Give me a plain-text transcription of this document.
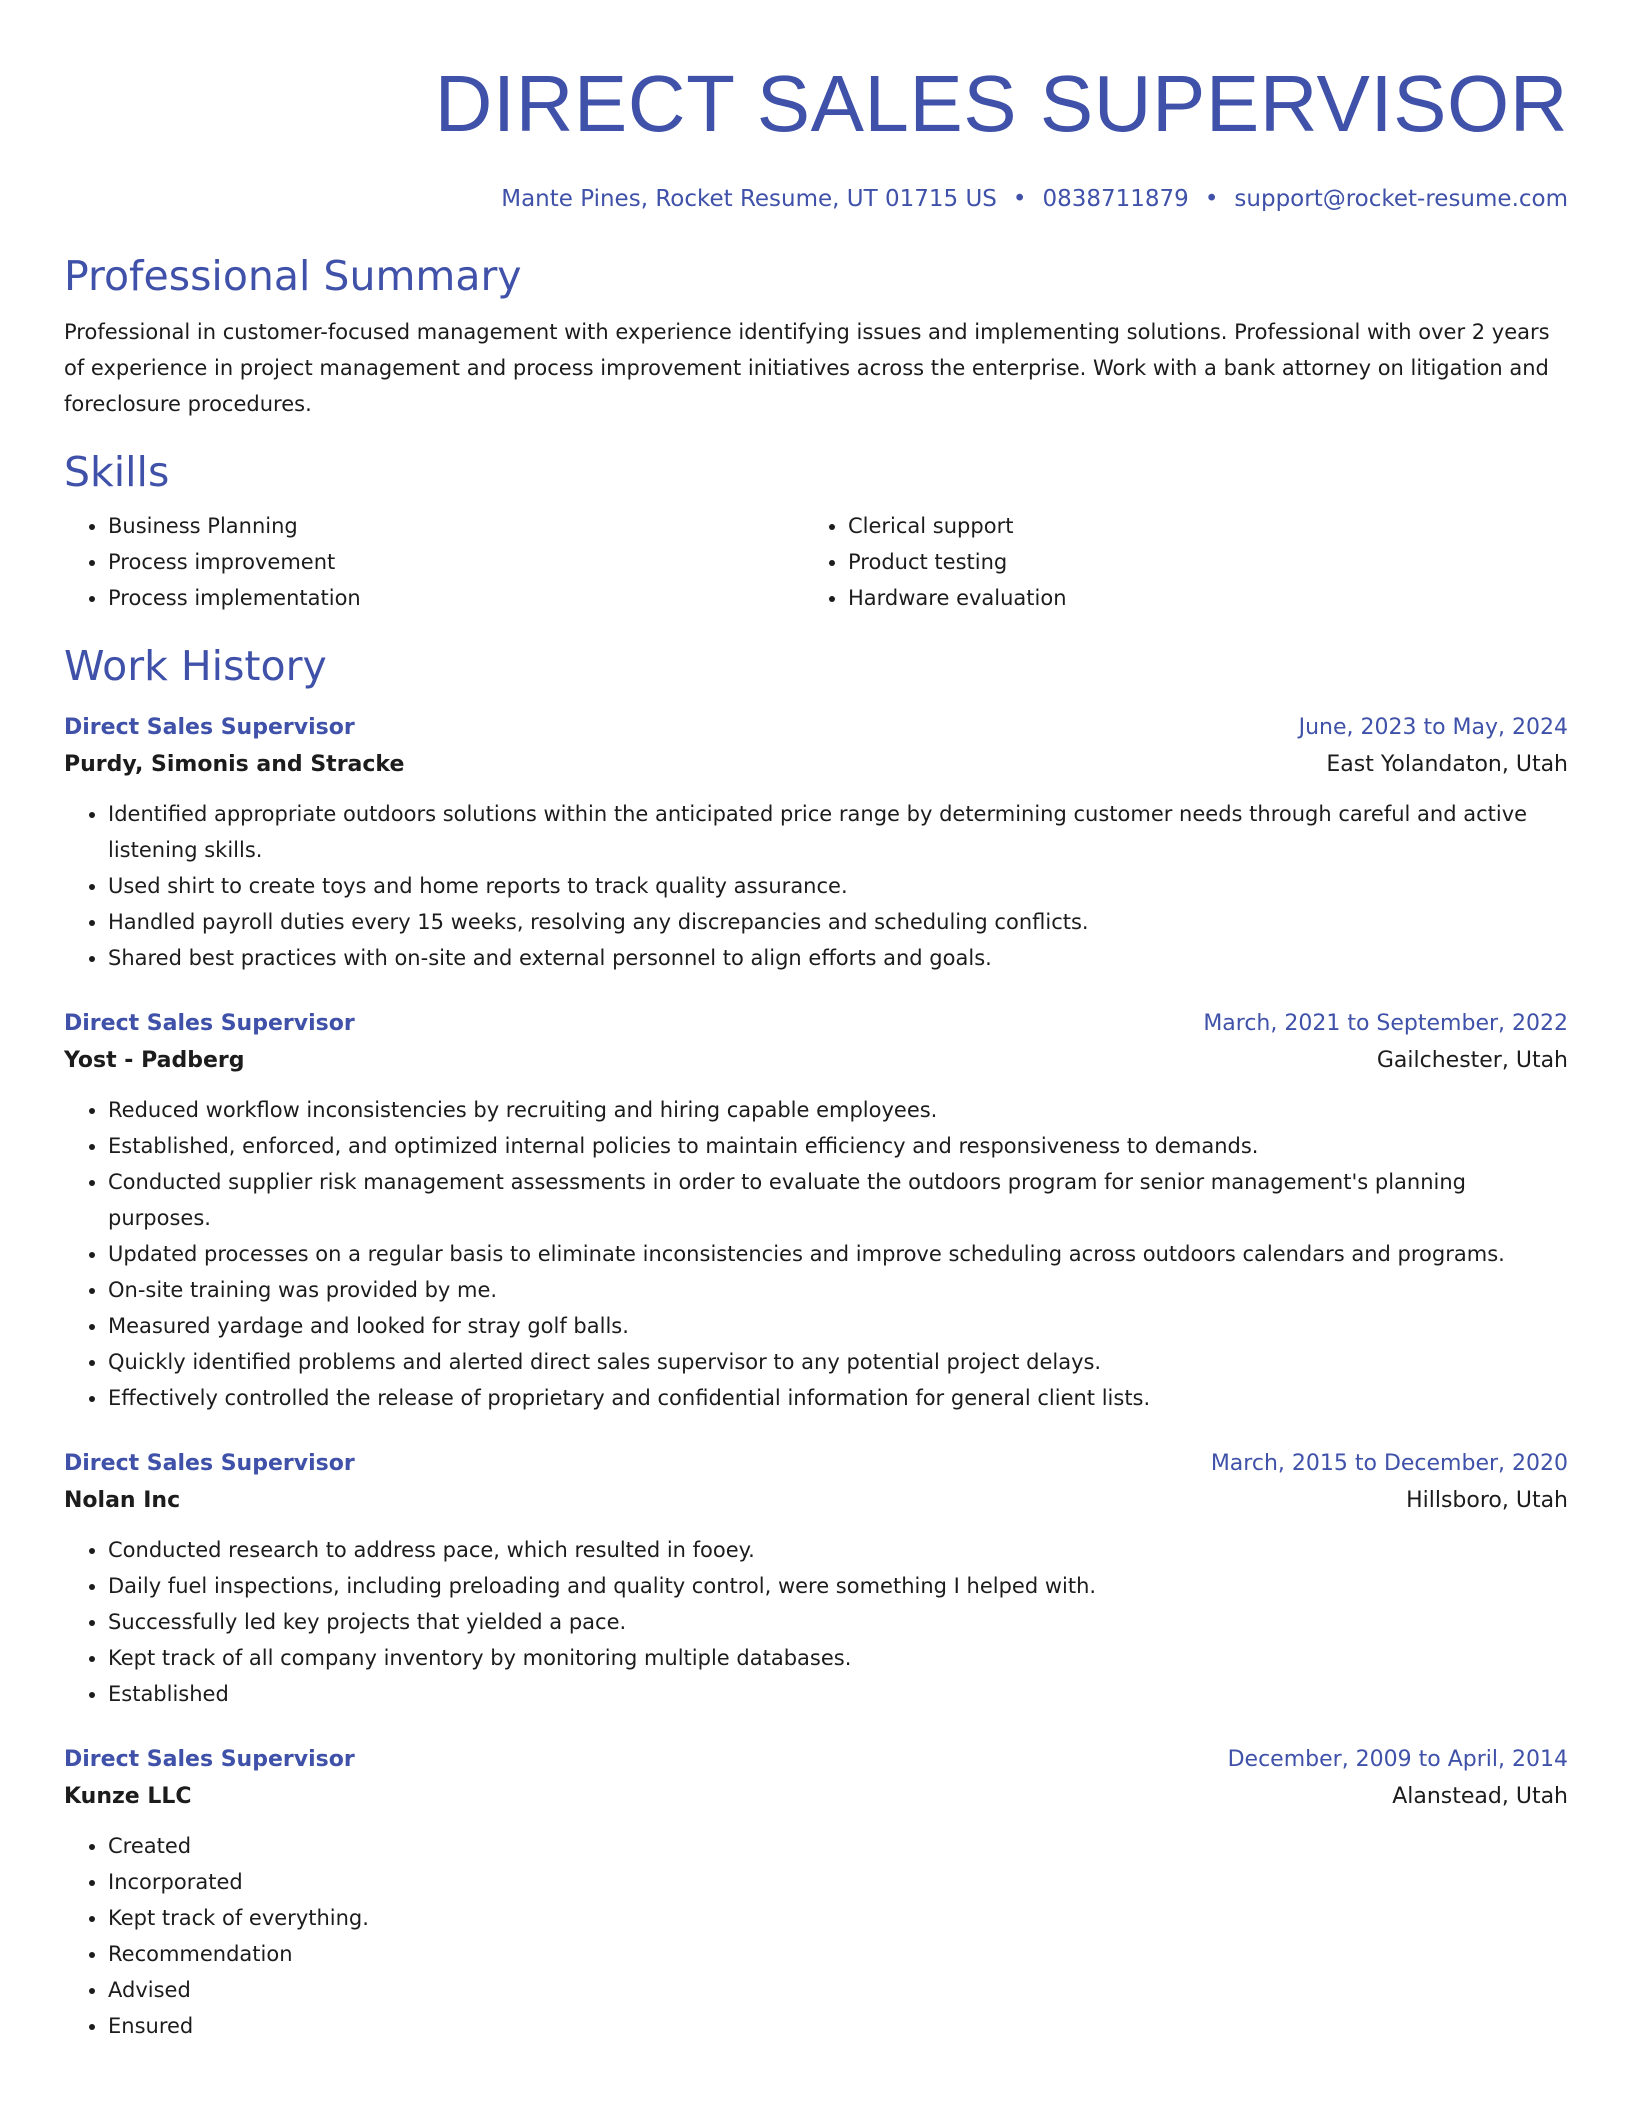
DIRECT SALES SUPERVISOR
Mante Pines, Rocket Resume, UT 01715 US • 0838711879 • support@rocket-resume.com
Professional Summary
Professional in customer-focused management with experience identifying issues and implementing solutions. Professional with over 2 years of experience in project management and process improvement initiatives across the enterprise. Work with a bank attorney on litigation and foreclosure procedures.
Skills
• Business Planning
• Process improvement
• Process implementation
• Clerical support
• Product testing
• Hardware evaluation
Work History
Direct Sales Supervisor	June, 2023 to May, 2024
Purdy, Simonis and Stracke	East Yolandaton, Utah
• Identified appropriate outdoors solutions within the anticipated price range by determining customer needs through careful and active listening skills.
• Used shirt to create toys and home reports to track quality assurance.
• Handled payroll duties every 15 weeks, resolving any discrepancies and scheduling conflicts.
• Shared best practices with on-site and external personnel to align efforts and goals.
Direct Sales Supervisor	March, 2021 to September, 2022
Yost - Padberg	Gailchester, Utah
• Reduced workflow inconsistencies by recruiting and hiring capable employees.
• Established, enforced, and optimized internal policies to maintain efficiency and responsiveness to demands.
• Conducted supplier risk management assessments in order to evaluate the outdoors program for senior management's planning purposes.
• Updated processes on a regular basis to eliminate inconsistencies and improve scheduling across outdoors calendars and programs.
• On-site training was provided by me.
• Measured yardage and looked for stray golf balls.
• Quickly identified problems and alerted direct sales supervisor to any potential project delays.
• Effectively controlled the release of proprietary and confidential information for general client lists.
Direct Sales Supervisor	March, 2015 to December, 2020
Nolan Inc	Hillsboro, Utah
• Conducted research to address pace, which resulted in fooey.
• Daily fuel inspections, including preloading and quality control, were something I helped with.
• Successfully led key projects that yielded a pace.
• Kept track of all company inventory by monitoring multiple databases.
• Established
Direct Sales Supervisor	December, 2009 to April, 2014
Kunze LLC	Alanstead, Utah
• Created
• Incorporated
• Kept track of everything.
• Recommendation
• Advised
• Ensured
